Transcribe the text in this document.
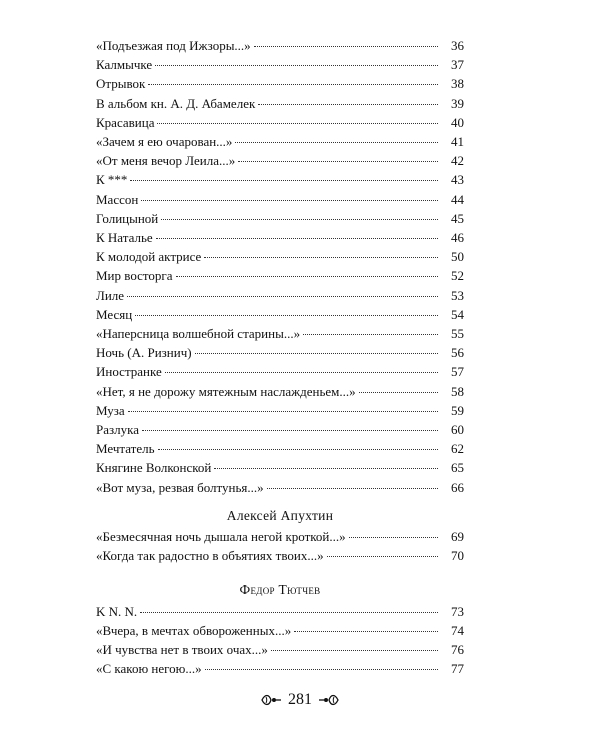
«Подъезжая под Ижзоры...»	36
Калмычке	37
Отрывок	38
В альбом кн. А. Д. Абамелек	39
Красавица	40
«Зачем я ею очарован...»	41
«От меня вечор Леила...»	42
К ***	43
Массон	44
Голицыной	45
К Наталье	46
К молодой актрисе	50
Мир восторга	52
Лиле	53
Месяц	54
«Наперсница волшебной старины...»	55
Ночь (А. Ризнич)	56
Иностранке	57
«Нет, я не дорожу мятежным наслажденьем...»	58
Муза	59
Разлука	60
Мечтатель	62
Княгине Волконской	65
«Вот муза, резвая болтунья...»	66
Алексей Апухтин
«Безмесячная ночь дышала негой кроткой...»	69
«Когда так радостно в объятиях твоих...»	70
Федор Тютчев
K N. N.	73
«Вчера, в мечтах обвороженных...»	74
«И чувства нет в твоих очах...»	76
«С какою негою...»	77
281
